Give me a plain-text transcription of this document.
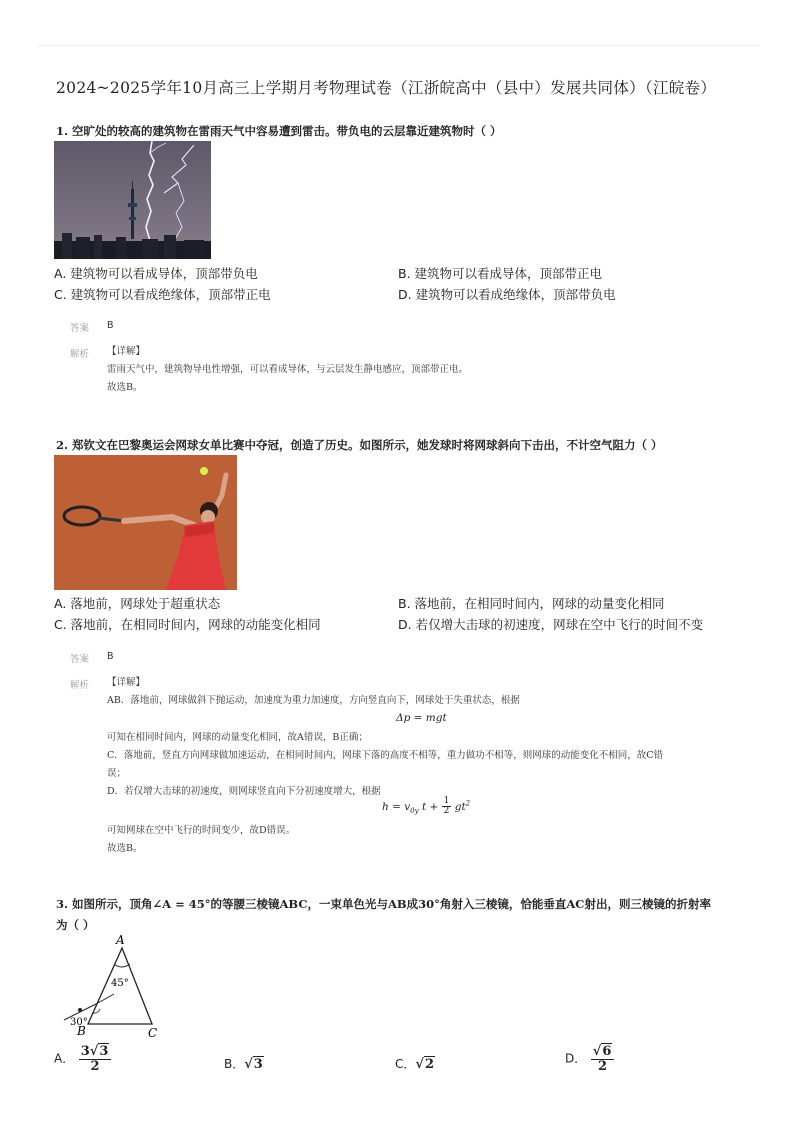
2024~2025学年10月高三上学期月考物理试卷（江浙皖高中（县中）发展共同体）（江皖卷）
1. 空旷处的较高的建筑物在雷雨天气中容易遭到雷击。带负电的云层靠近建筑物时（ ）
A. 建筑物可以看成导体，顶部带负电	B. 建筑物可以看成导体，顶部带正电
C. 建筑物可以看成绝缘体，顶部带正电	D. 建筑物可以看成绝缘体，顶部带负电
答案 B
解析 【详解】
雷雨天气中，建筑物导电性增强，可以看成导体，与云层发生静电感应，顶部带正电。
故选B。
2. 郑钦文在巴黎奥运会网球女单比赛中夺冠，创造了历史。如图所示，她发球时将网球斜向下击出，不计空气阻力（ ）
A. 落地前，网球处于超重状态	B. 落地前，在相同时间内，网球的动量变化相同
C. 落地前，在相同时间内，网球的动能变化相同	D. 若仅增大击球的初速度，网球在空中飞行的时间不变
答案 B
解析 【详解】
AB．落地前，网球做斜下抛运动，加速度为重力加速度，方向竖直向下，网球处于失重状态，根据
Δp = mgt
可知在相同时间内，网球的动量变化相同，故A错误，B正确；
C．落地前，竖直方向网球做加速运动，在相同时间内，网球下落的高度不相等，重力做功不相等，则网球的动能变化不相同，故C错
误；
D．若仅增大击球的初速度，则网球竖直向下分初速度增大，根据
$h = v_{0y}$ $t + \frac{1}{2} gt^2$
可知网球在空中飞行的时间变少，故D错误。
故选B。
3. 如图所示，顶角∠A = 45°的等腰三棱镜ABC，一束单色光与AB成30°角射入三棱镜，恰能垂直AC射出，则三棱镜的折射率
为（ ）
A
B	C
45°
30°
A． $\frac{3√3}{2}$	B．√3	C．√2	D． $\frac{√6}{2}$
